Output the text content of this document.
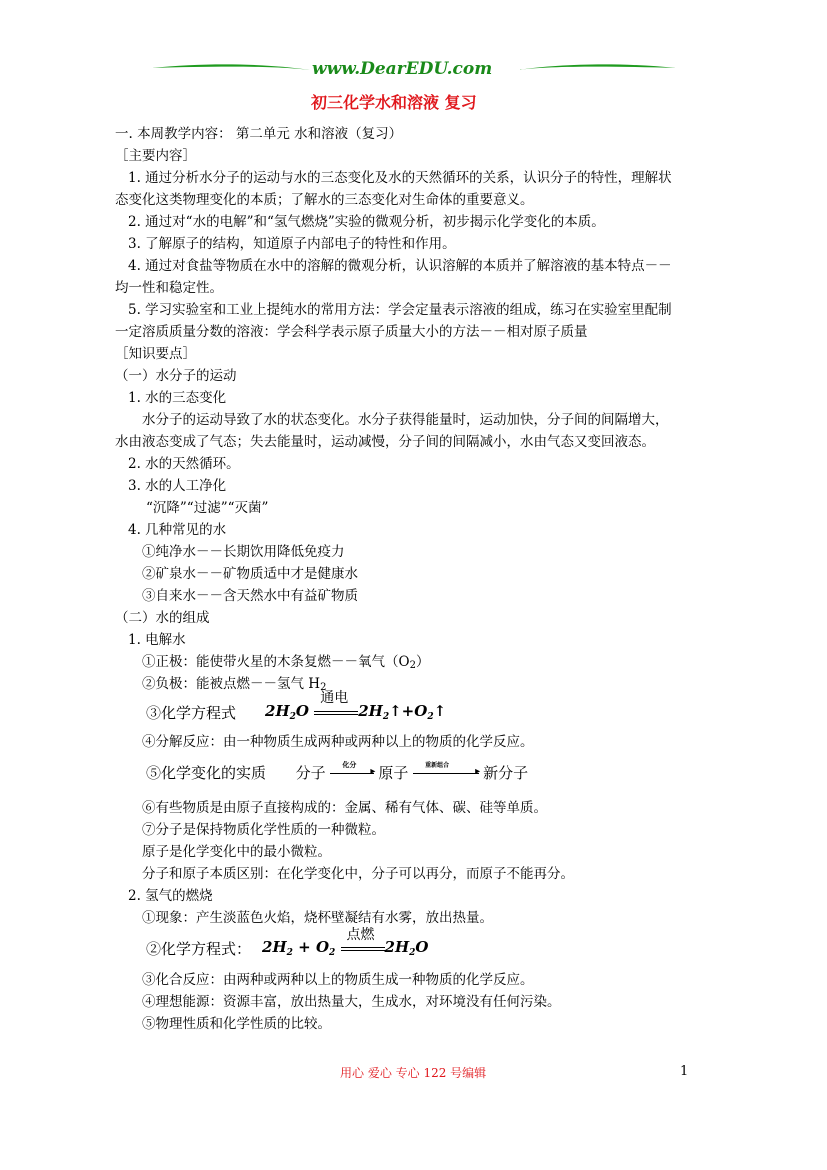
www.DearEDU.com
初三化学水和溶液 复习
一. 本周教学内容： 第二单元 水和溶液（复习）
［主要内容］
1. 通过分析水分子的运动与水的三态变化及水的天然循环的关系，认识分子的特性，理解状
态变化这类物理变化的本质；了解水的三态变化对生命体的重要意义。
2. 通过对“水的电解”和“氢气燃烧”实验的微观分析，初步揭示化学变化的本质。
3. 了解原子的结构，知道原子内部电子的特性和作用。
4. 通过对食盐等物质在水中的溶解的微观分析，认识溶解的本质并了解溶液的基本特点－－
均一性和稳定性。
5. 学习实验室和工业上提纯水的常用方法：学会定量表示溶液的组成，练习在实验室里配制
一定溶质质量分数的溶液：学会科学表示原子质量大小的方法－－相对原子质量
［知识要点］
（一）水分子的运动
1. 水的三态变化
水分子的运动导致了水的状态变化。水分子获得能量时，运动加快，分子间的间隔增大，
水由液态变成了气态；失去能量时，运动减慢，分子间的间隔减小，水由气态又变回液态。
2. 水的天然循环。
3. 水的人工净化
“沉降”“过滤”“灭菌”
4. 几种常见的水
①纯净水－－长期饮用降低免疫力
②矿泉水－－矿物质适中才是健康水
③自来水－－含天然水中有益矿物质
（二）水的组成
1. 电解水
①正极：能使带火星的木条复燃－－氧气（O2）
②负极：能被点燃－－氢气 H2
③化学方程式 $2H_2O$
通电
$2H_2↑+O_2↑$
④分解反应：由一种物质生成两种或两种以上的物质的化学反应。
⑤化学变化的实质 分子 化分
▸ 原子	重新组合
▸ 新分子
⑥有些物质是由原子直接构成的：金属、稀有气体、碳、硅等单质。
⑦分子是保持物质化学性质的一种微粒。
原子是化学变化中的最小微粒。
分子和原子本质区别：在化学变化中，分子可以再分，而原子不能再分。
2. 氢气的燃烧
①现象：产生淡蓝色火焰，烧杯壁凝结有水雾，放出热量。
②化学方程式： $2H_2 + O_2$
点燃
$2H_2O$
③化合反应：由两种或两种以上的物质生成一种物质的化学反应。
④理想能源：资源丰富，放出热量大，生成水，对环境没有任何污染。
⑤物理性质和化学性质的比较。
用心 爱心 专心 122 号编辑	1
